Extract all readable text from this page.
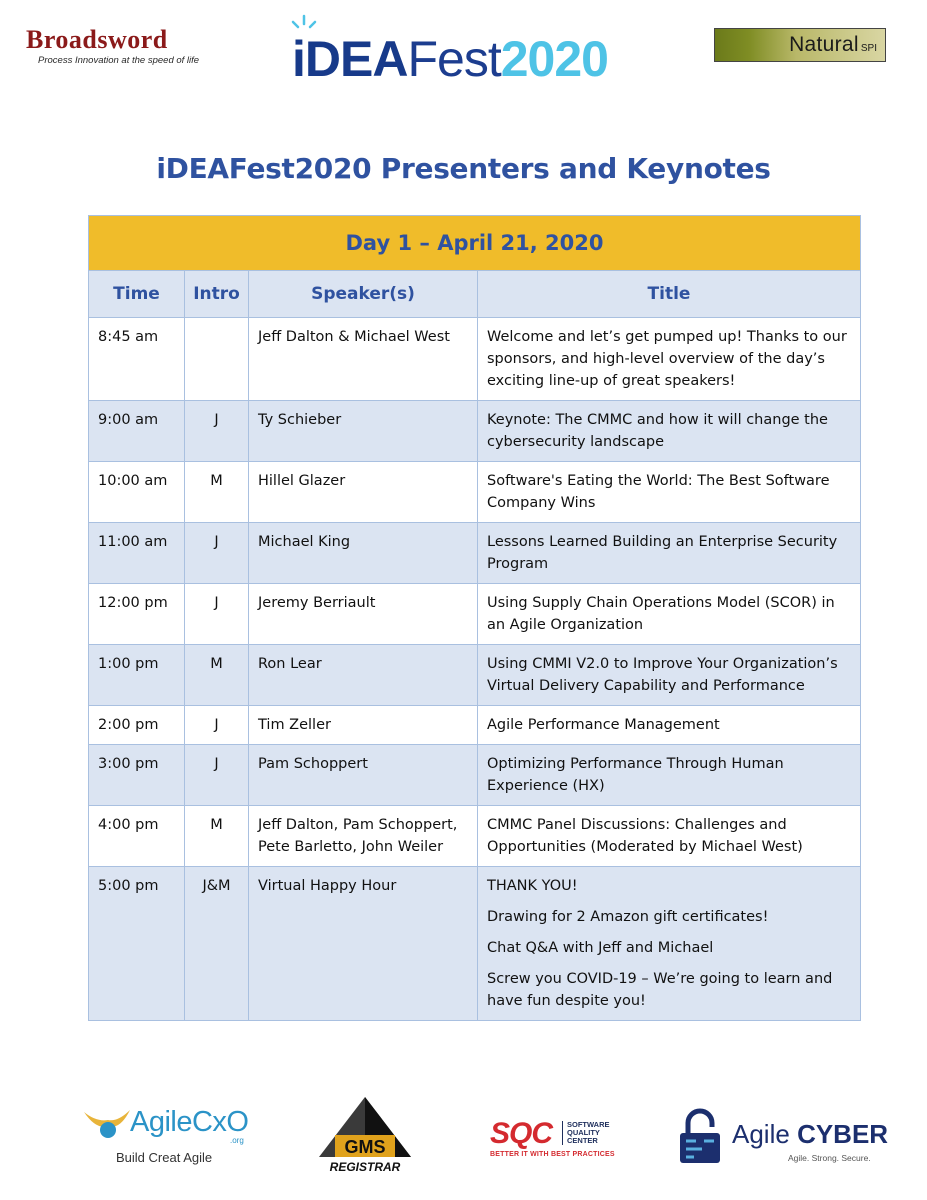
Broadsword
Process Innovation at the speed of life	iDEAFest2020	Natural SPI
iDEAFest2020 Presenters and Keynotes
Day 1 – April 21, 2020			
Time	Intro	Speaker(s)	Title
8:45 am		Jeff Dalton & Michael West	Welcome and let’s get pumped up! Thanks to our sponsors, and high-level overview of the day’s exciting line-up of great speakers!

9:00 am	J	Ty Schieber	Keynote: The CMMC and how it will change the cybersecurity landscape

10:00 am	M	Hillel Glazer	Software's Eating the World: The Best Software Company Wins

11:00 am	J	Michael King	Lessons Learned Building an Enterprise Security Program

12:00 pm	J	Jeremy Berriault	Using Supply Chain Operations Model (SCOR) in an Agile Organization

1:00 pm	M	Ron Lear	Using CMMI V2.0 to Improve Your Organization’s Virtual Delivery Capability and Performance

2:00 pm	J	Tim Zeller	Agile Performance Management

3:00 pm	J	Pam Schoppert	Optimizing Performance Through Human Experience (HX)

4:00 pm	M	Jeff Dalton, Pam Schoppert, Pete Barletto, John Weiler	CMMC Panel Discussions: Challenges and Opportunities (Moderated by Michael West)

5:00 pm	J&M	Virtual Happy Hour	THANK YOU!
Drawing for 2 Amazon gift certificates!
Chat Q&A with Jeff and Michael
Screw you COVID-19 – We’re going to learn and have fun despite you!
AgileCxO
.org
Build Creat Agile
GMS
REGISTRAR
SQC SOFTWARE
QUALITY
CENTER
BETTER IT WITH BEST PRACTICES
Agile CYBER
Agile. Strong. Secure.
